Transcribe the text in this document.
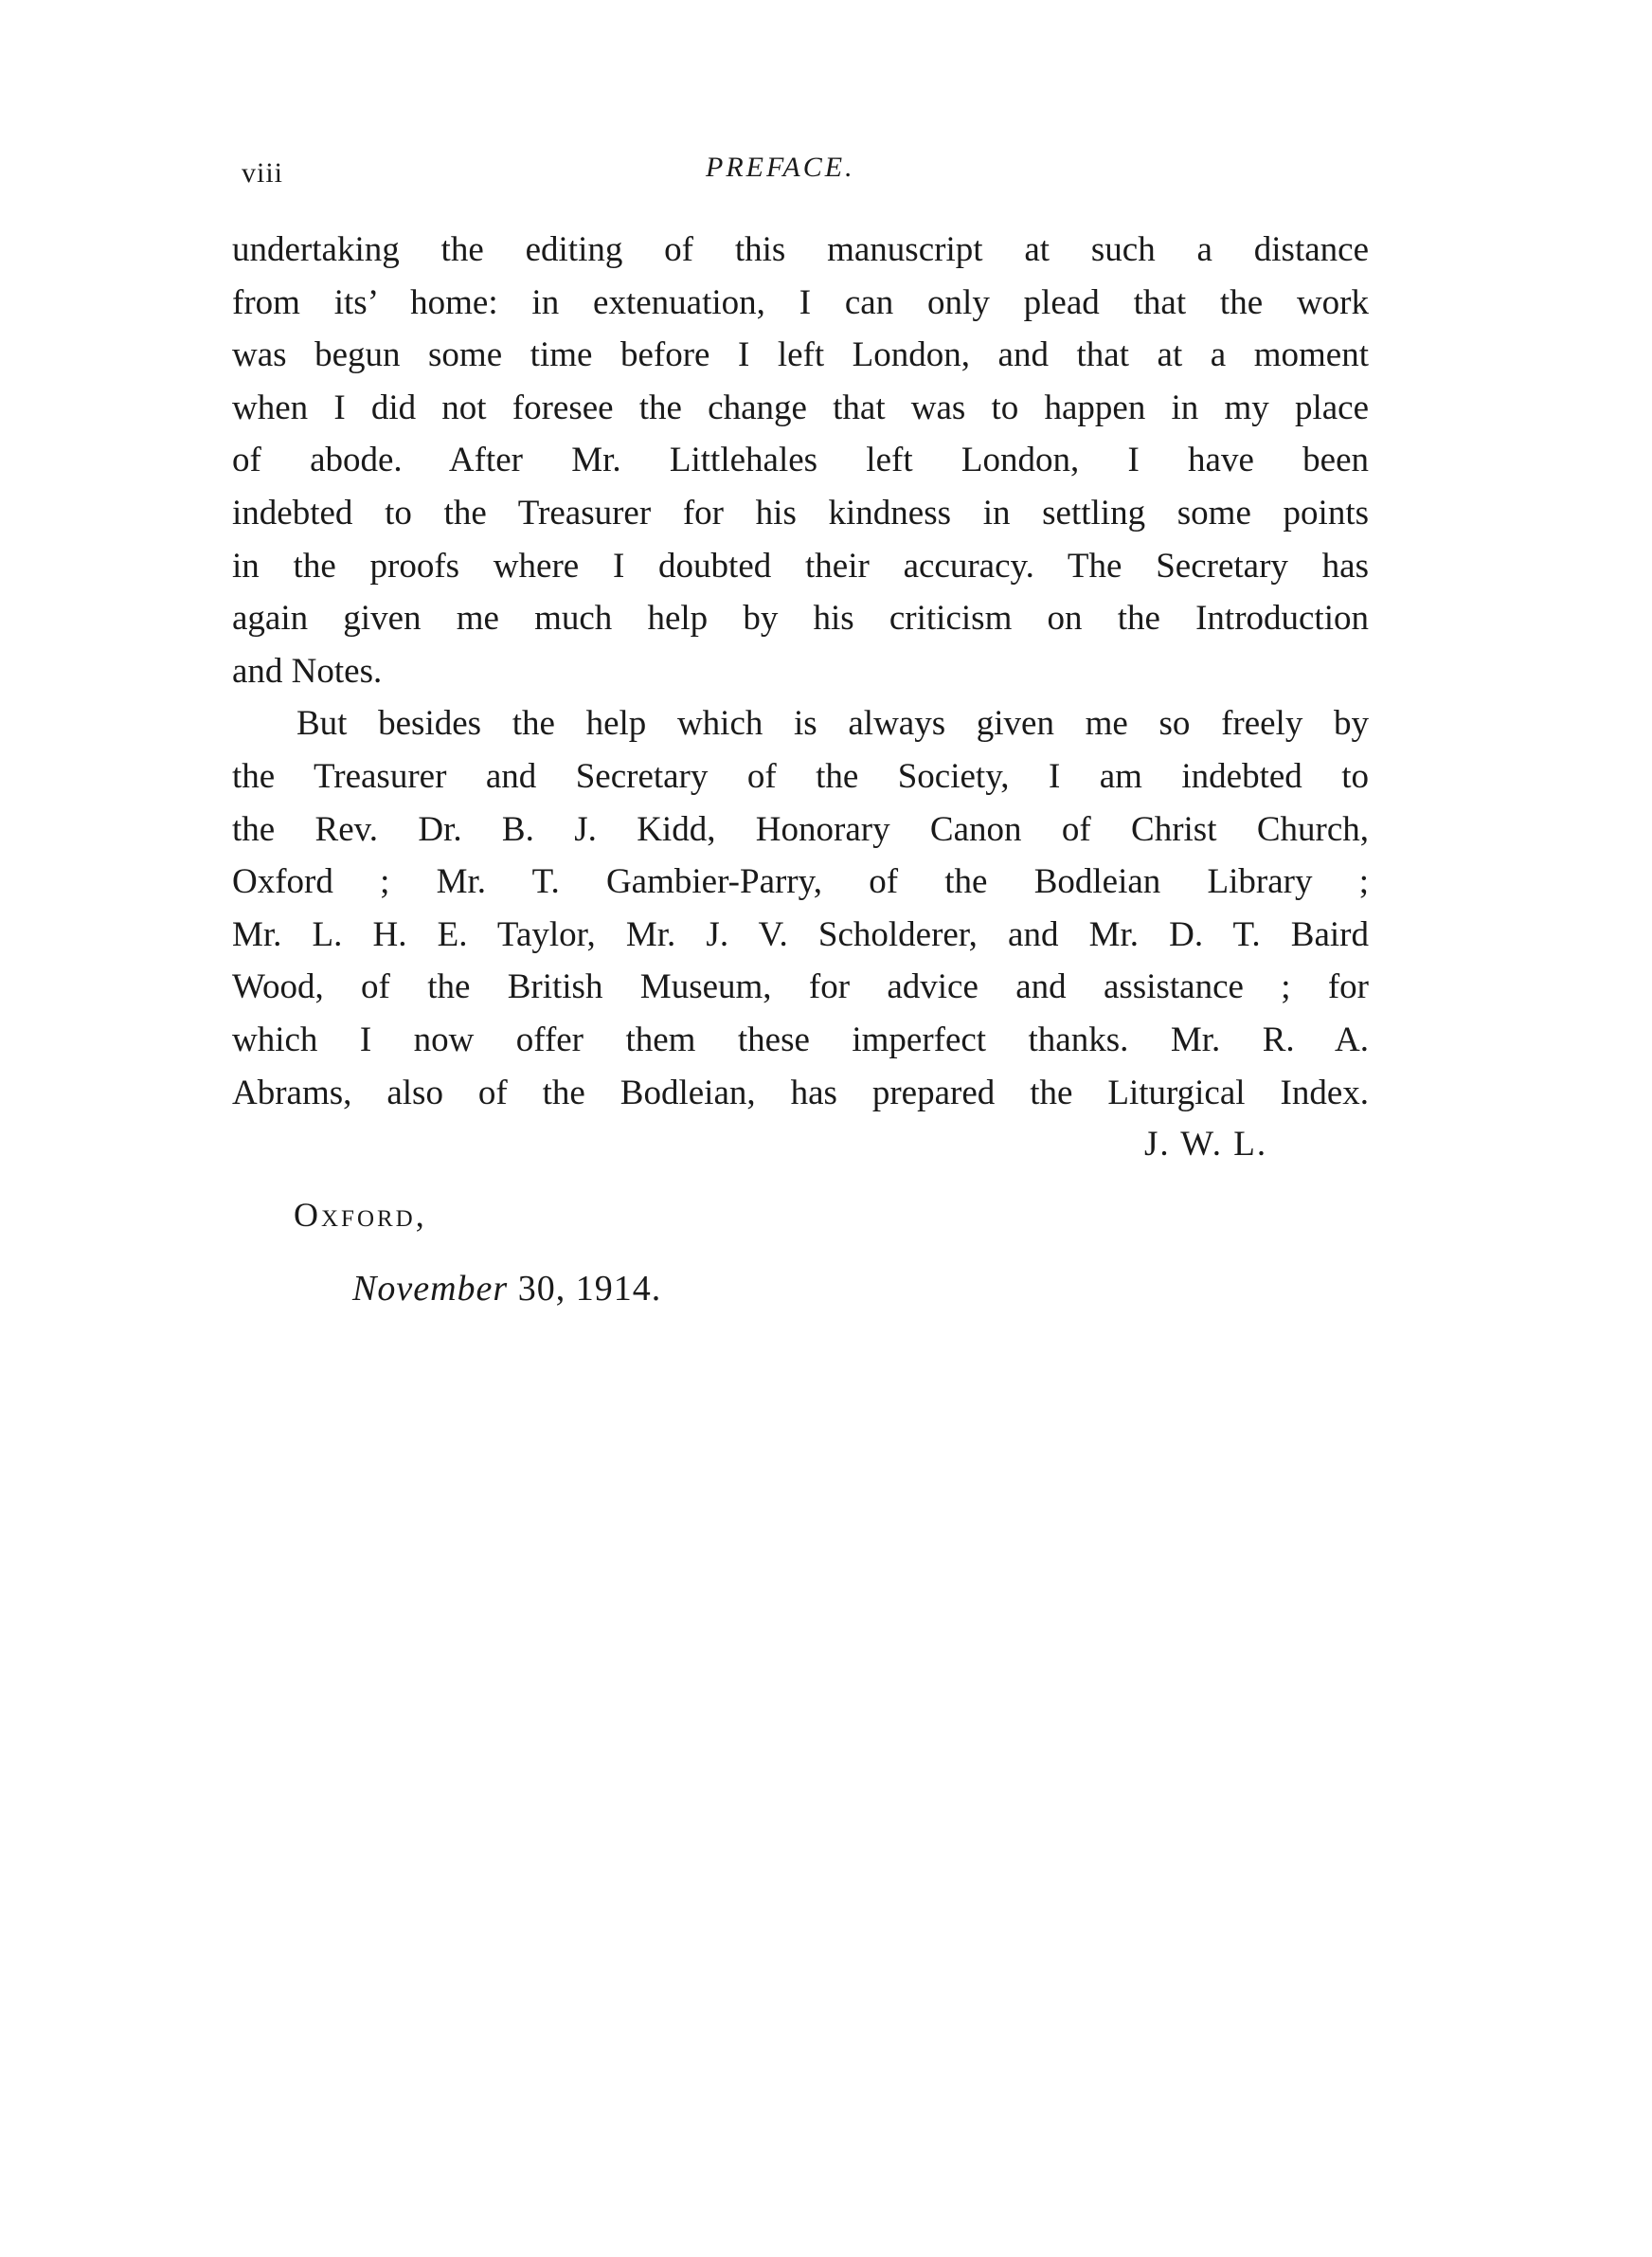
viii	PREFACE.
undertaking the editing of this manuscript at such a distance
from its’ home: in extenuation, I can only plead that the work
was begun some time before I left London, and that at a moment
when I did not foresee the change that was to happen in my place
of abode. After Mr. Littlehales left London, I have been
indebted to the Treasurer for his kindness in settling some points
in the proofs where I doubted their accuracy. The Secretary has
again given me much help by his criticism on the Introduction
and Notes.
But besides the help which is always given me so freely by
the Treasurer and Secretary of the Society, I am indebted to
the Rev. Dr. B. J. Kidd, Honorary Canon of Christ Church,
Oxford ; Mr. T. Gambier-Parry, of the Bodleian Library ;
Mr. L. H. E. Taylor, Mr. J. V. Scholderer, and Mr. D. T. Baird
Wood, of the British Museum, for advice and assistance ; for
which I now offer them these imperfect thanks. Mr. R. A.
Abrams, also of the Bodleian, has prepared the Liturgical Index.
J. W. L.
Oxford,
November 30, 1914.
